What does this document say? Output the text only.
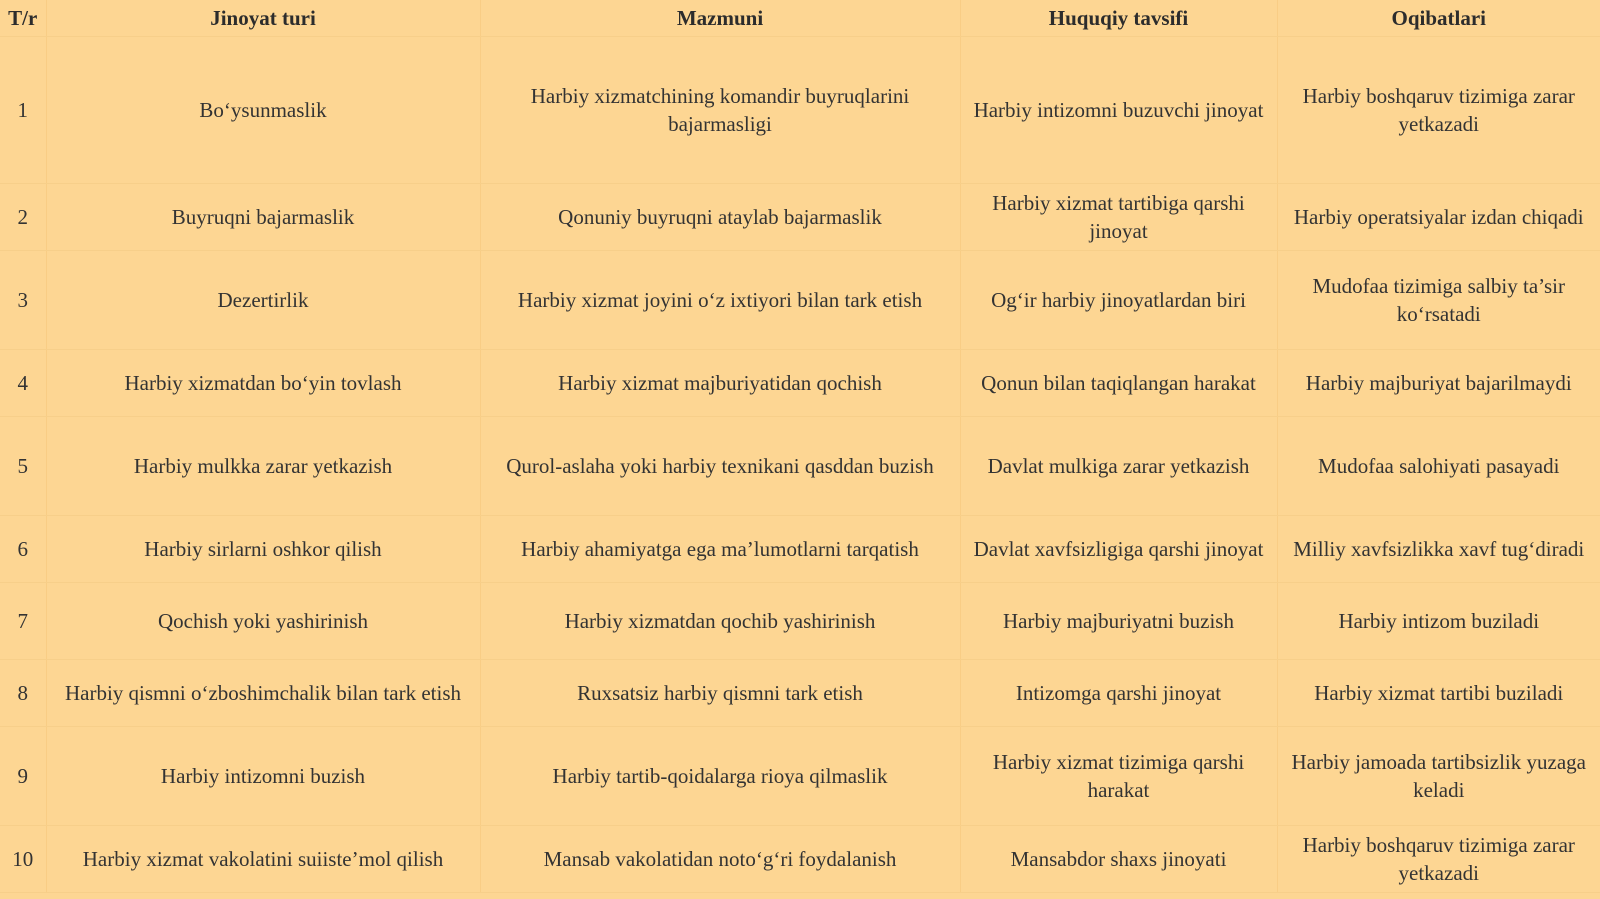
T/r	Jinoyat turi	Mazmuni	Huquqiy tavsifi	Oqibatlari
1	Bo‘ysunmaslik	Harbiy xizmatchining komandir buyruqlarini bajarmasligi	Harbiy intizomni buzuvchi jinoyat	Harbiy boshqaruv tizimiga zarar yetkazadi
2	Buyruqni bajarmaslik	Qonuniy buyruqni ataylab bajarmaslik	Harbiy xizmat tartibiga qarshi jinoyat	Harbiy operatsiyalar izdan chiqadi
3	Dezertirlik	Harbiy xizmat joyini o‘z ixtiyori bilan tark etish	Og‘ir harbiy jinoyatlardan biri	Mudofaa tizimiga salbiy ta’sir ko‘rsatadi
4	Harbiy xizmatdan bo‘yin tovlash	Harbiy xizmat majburiyatidan qochish	Qonun bilan taqiqlangan harakat	Harbiy majburiyat bajarilmaydi
5	Harbiy mulkka zarar yetkazish	Qurol-aslaha yoki harbiy texnikani qasddan buzish	Davlat mulkiga zarar yetkazish	Mudofaa salohiyati pasayadi
6	Harbiy sirlarni oshkor qilish	Harbiy ahamiyatga ega ma’lumotlarni tarqatish	Davlat xavfsizligiga qarshi jinoyat	Milliy xavfsizlikka xavf tug‘diradi
7	Qochish yoki yashirinish	Harbiy xizmatdan qochib yashirinish	Harbiy majburiyatni buzish	Harbiy intizom buziladi
8	Harbiy qismni o‘zboshimchalik bilan tark etish	Ruxsatsiz harbiy qismni tark etish	Intizomga qarshi jinoyat	Harbiy xizmat tartibi buziladi
9	Harbiy intizomni buzish	Harbiy tartib-qoidalarga rioya qilmaslik	Harbiy xizmat tizimiga qarshi harakat	Harbiy jamoada tartibsizlik yuzaga keladi
10	Harbiy xizmat vakolatini suiiste’mol qilish	Mansab vakolatidan noto‘g‘ri foydalanish	Mansabdor shaxs jinoyati	Harbiy boshqaruv tizimiga zarar yetkazadi
